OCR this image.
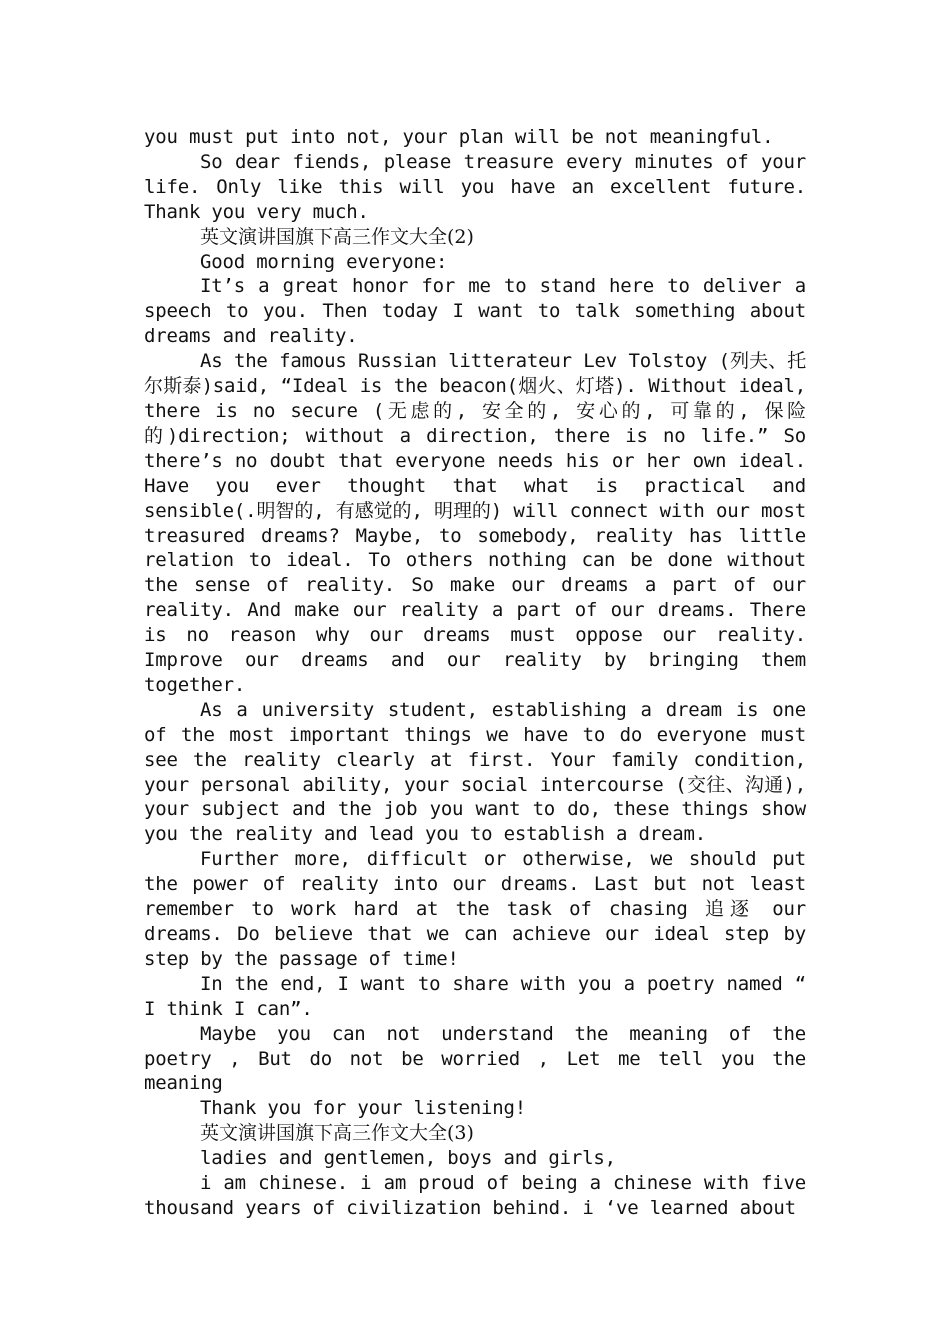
you must put into not, your plan will be not meaningful.

So dear fiends, please treasure every minutes of your life. Only like this will you have an excellent future. Thank you very much.

英文演讲国旗下高三作文大全(2)

Good morning everyone:

It’s a great honor for me to stand here to deliver a speech to you. Then today I want to talk something about dreams and reality.

As the famous Russian litterateur Lev Tolstoy (列夫、托尔斯泰)said, “Ideal is the beacon(烟火、灯塔). Without ideal, there is no secure (无虑的, 安全的, 安心的, 可靠的, 保险的)direction; without a direction, there is no life.” So there’s no doubt that everyone needs his or her own ideal. Have you ever thought that what is practical and sensible(.明智的, 有感觉的, 明理的) will connect with our most treasured dreams? Maybe, to somebody, reality has little relation to ideal. To others nothing can be done without the sense of reality. So make our dreams a part of our reality. And make our reality a part of our dreams. There is no reason why our dreams must oppose our reality. Improve our dreams and our reality by bringing them together.

As a university student, establishing a dream is one of the most important things we have to do everyone must see the reality clearly at first. Your family condition, your personal ability, your social intercourse (交往、沟通), your subject and the job you want to do, these things show you the reality and lead you to establish a dream.

Further more, difficult or otherwise, we should put the power of reality into our dreams. Last but not least remember to work hard at the task of chasing 追逐 our dreams. Do believe that we can achieve our ideal step by step by the passage of time!

In the end, I want to share with you a poetry named “ I think I can”.

Maybe you can not understand the meaning of the poetry , But do not be worried , Let me tell you the meaning

Thank you for your listening!

英文演讲国旗下高三作文大全(3)

ladies and gentlemen, boys and girls,

i am chinese. i am proud of being a chinese with five thousand years of civilization behind. i ‘ve learned about
